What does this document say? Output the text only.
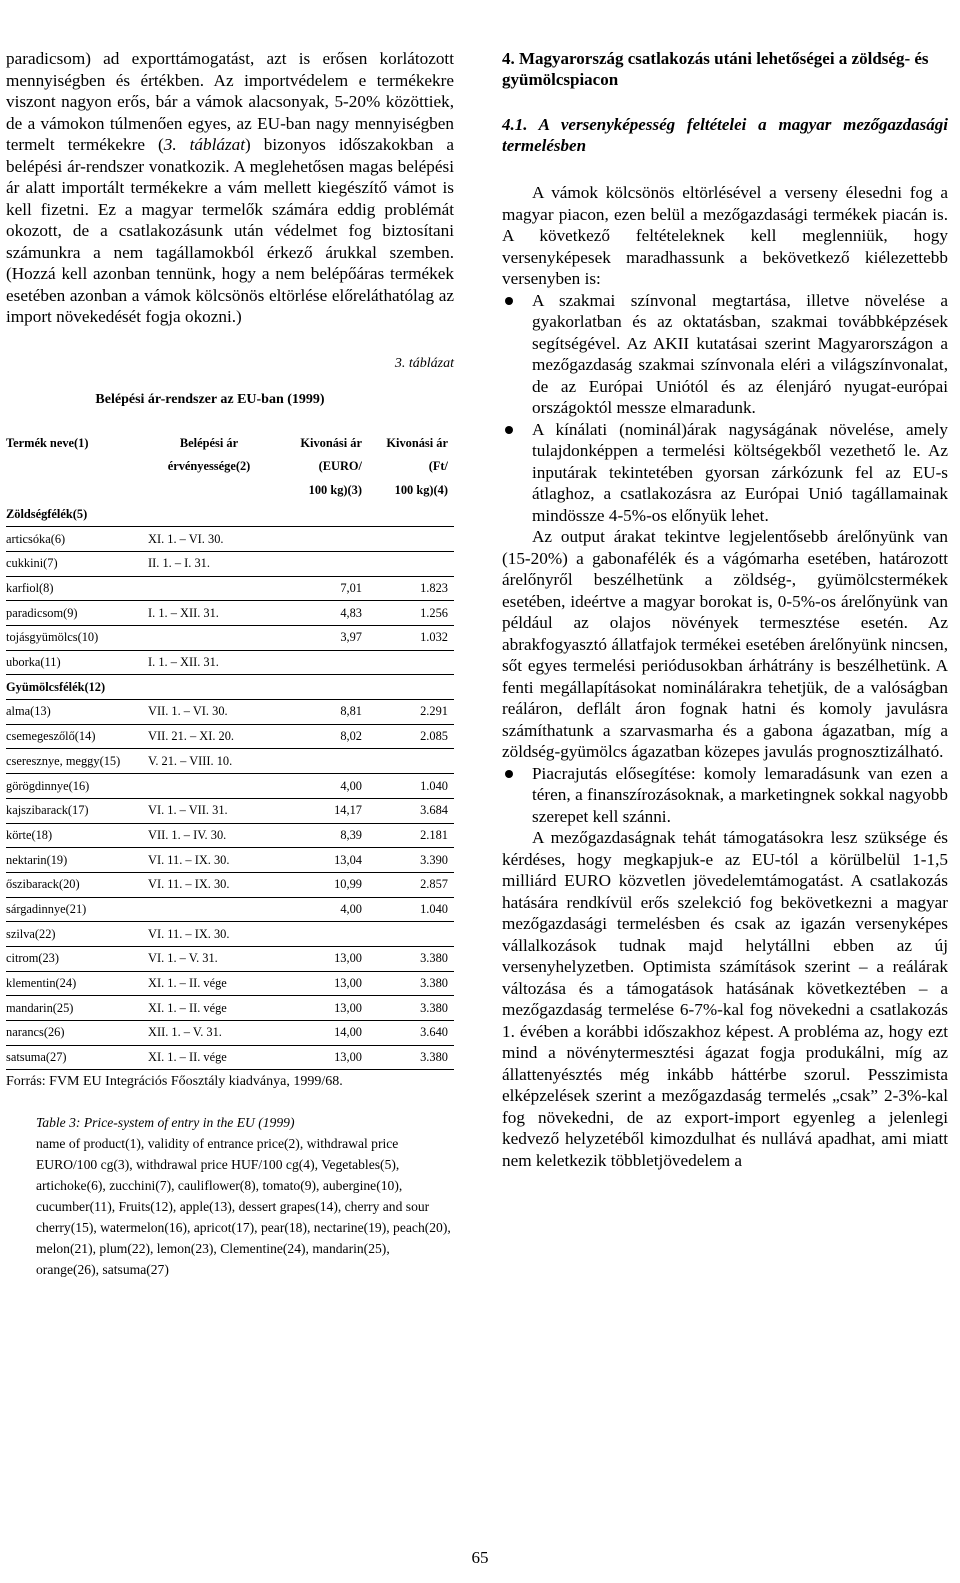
paradicsom) ad exporttámogatást, azt is erősen korlátozott mennyiségben és értékben. Az importvédelem e termékekre viszont nagyon erős, bár a vámok alacsonyak, 5-20% közöttiek, de a vámokon túlmenően egyes, az EU-ban nagy mennyiségben termelt termékekre (3. táblázat) bizonyos időszakokban a belépési ár-rendszer vonatkozik. A meglehetősen magas belépési ár alatt importált termékekre a vám mellett kiegészítő vámot is kell fizetni. Ez a magyar termelők számára eddig problémát okozott, de a csatlakozásunk után védelmet fog biztosítani számunkra a nem tagállamokból érkező árukkal szemben. (Hozzá kell azonban tennünk, hogy a nem belépőáras termékek esetében azonban a vámok kölcsönös eltörlése előreláthatólag az import növekedését fogja okozni.)

3. táblázat

Belépési ár-rendszer az EU-ban (1999)

Termék neve(1)	Belépési ár	Kivonási ár	Kivonási ár
	érvényessége(2)	(EURO/	(Ft/
		100 kg)(3)	100 kg)(4)
Zöldségfélék(5)			
articsóka(6)	XI. 1. – VI. 30.		
cukkini(7)	II. 1. – I. 31.		
karfiol(8)		7,01	1.823
paradicsom(9)	I. 1. – XII. 31.	4,83	1.256
tojásgyümölcs(10)		3,97	1.032
uborka(11)	I. 1. – XII. 31.		
Gyümölcsfélék(12)			
alma(13)	VII. 1. – VI. 30.	8,81	2.291
csemegeszőlő(14)	VII. 21. – XI. 20.	8,02	2.085
cseresznye, meggy(15)	V. 21. – VIII. 10.		
görögdinnye(16)		4,00	1.040
kajszibarack(17)	VI. 1. – VII. 31.	14,17	3.684
körte(18)	VII. 1. – IV. 30.	8,39	2.181
nektarin(19)	VI. 11. – IX. 30.	13,04	3.390
őszibarack(20)	VI. 11. – IX. 30.	10,99	2.857
sárgadinnye(21)		4,00	1.040
szilva(22)	VI. 11. – IX. 30.		
citrom(23)	VI. 1. – V. 31.	13,00	3.380
klementin(24)	XI. 1. – II. vége	13,00	3.380
mandarin(25)	XI. 1. – II. vége	13,00	3.380
narancs(26)	XII. 1. – V. 31.	14,00	3.640
satsuma(27)	XI. 1. – II. vége	13,00	3.380

Forrás: FVM EU Integrációs Főosztály kiadványa, 1999/68.

Table 3: Price-system of entry in the EU (1999)
name of product(1), validity of entrance price(2), withdrawal price EURO/100 cg(3), withdrawal price HUF/100 cg(4), Vegetables(5), artichoke(6), zucchini(7), cauliflower(8), tomato(9), aubergine(10), cucumber(11), Fruits(12), apple(13), dessert grapes(14), cherry and sour cherry(15), watermelon(16), apricot(17), pear(18), nectarine(19), peach(20), melon(21), plum(22), lemon(23), Clementine(24), mandarin(25), orange(26), satsuma(27)
4. Magyarország csatlakozás utáni lehetőségei a zöldség- és gyümölcspiacon
4.1. A versenyképesség feltételei a magyar mezőgazdasági termelésben

A vámok kölcsönös eltörlésével a verseny élesedni fog a magyar piacon, ezen belül a mezőgazdasági termékek piacán is. A következő feltételeknek kell meglenniük, hogy versenyképesek maradhassunk a bekövetkező kiélezettebb versenyben is:

A szakmai színvonal megtartása, illetve növelése a gyakorlatban és az oktatásban, szakmai továbbképzések segítségével. Az AKII kutatásai szerint Magyarországon a mezőgazdaság szakmai színvonala eléri a világszínvonalat, de az Európai Uniótól és az élenjáró nyugat-európai országoktól messze elmaradunk.
A kínálati (nominál)árak nagyságának növelése, amely tulajdonképpen a termelési költségekből vezethető le. Az inputárak tekintetében gyorsan zárkózunk fel az EU-s átlaghoz, a csatlakozásra az Európai Unió tagállamainak mindössze 4-5%-os előnyük lehet.

Az output árakat tekintve legjelentősebb árelőnyünk van (15-20%) a gabonafélék és a vágómarha esetében, határozott árelőnyről beszélhetünk a zöldség-, gyümölcstermékek esetében, ideértve a magyar borokat is, 0-5%-os árelőnyünk van például az olajos növények termesztése esetén. Az abrakfogyasztó állatfajok termékei esetében árelőnyünk nincsen, sőt egyes termelési periódusokban árhátrány is beszélhetünk. A fenti megállapításokat nominálárakra tehetjük, de a valóságban reáláron, deflált áron fognak hatni és komoly javulásra számíthatunk a szarvasmarha és a gabona ágazatban, míg a zöldség-gyümölcs ágazatban közepes javulás prognosztizálható.

Piacrajutás elősegítése: komoly lemaradásunk van ezen a téren, a finanszírozásoknak, a marketingnek sokkal nagyobb szerepet kell szánni.

A mezőgazdaságnak tehát támogatásokra lesz szüksége és kérdéses, hogy megkapjuk-e az EU-tól a körülbelül 1-1,5 milliárd EURO közvetlen jövedelemtámogatást. A csatlakozás hatására rendkívül erős szelekció fog bekövetkezni a magyar mezőgazdasági termelésben és csak az igazán versenyképes vállalkozások tudnak majd helytállni ebben az új versenyhelyzetben. Optimista számítások szerint – a reálárak változása és a támogatások hatásának következtében – a mezőgazdaság termelése 6-7%-kal fog növekedni a csatlakozás 1. évében a korábbi időszakhoz képest. A probléma az, hogy ezt mind a növénytermesztési ágazat fogja produkálni, míg az állattenyésztés még inkább háttérbe szorul. Pesszimista elképzelések szerint a mezőgazdaság termelés „csak” 2-3%-kal fog növekedni, de az export-import egyenleg a jelenlegi kedvező helyzetéből kimozdulhat és nullává apadhat, ami miatt nem keletkezik többletjövedelem a

65
